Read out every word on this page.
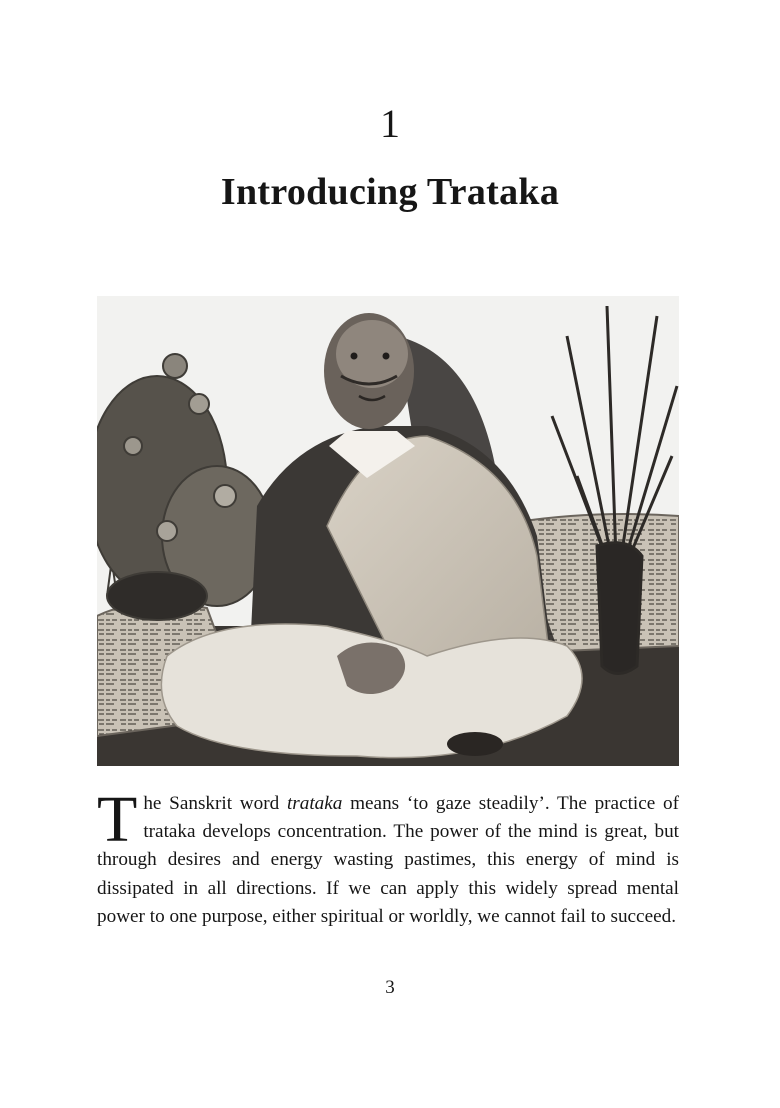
1
Introducing Trataka

The Sanskrit word trataka means ‘to gaze steadily’. The practice of trataka develops concentration. The power of the mind is great, but through desires and energy wasting pastimes, this energy of mind is dissipated in all directions. If we can apply this widely spread mental power to one purpose, either spiritual or worldly, we cannot fail to succeed.

3
